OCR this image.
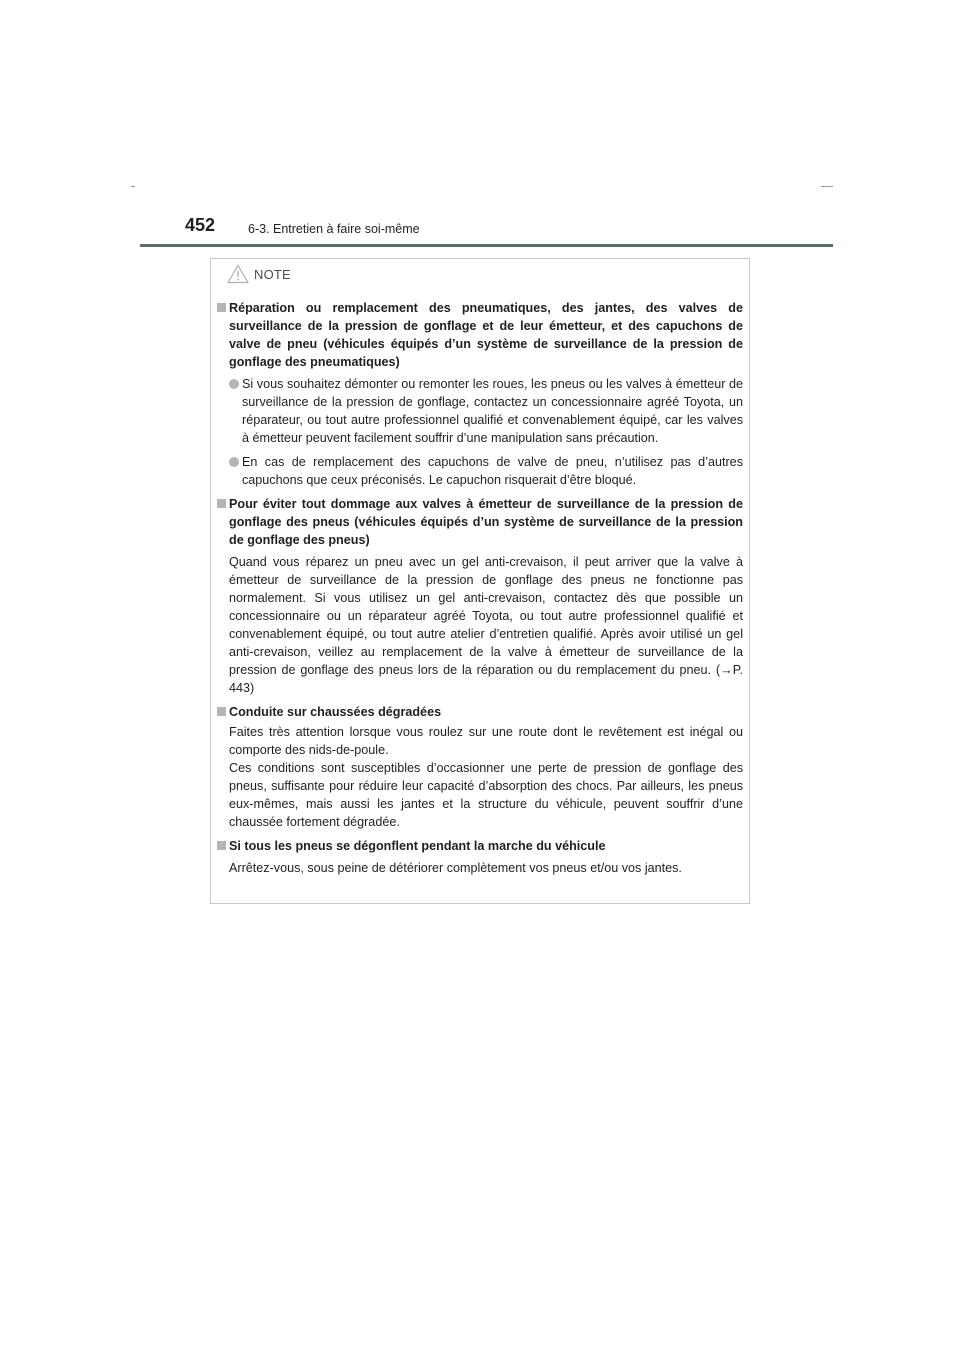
452	6-3. Entretien à faire soi-même
NOTE

Réparation ou remplacement des pneumatiques, des jantes, des valves de surveillance de la pression de gonflage et de leur émetteur, et des capuchons de valve de pneu (véhicules équipés d’un système de surveillance de la pression de gonflage des pneumatiques)

Si vous souhaitez démonter ou remonter les roues, les pneus ou les valves à émetteur de surveillance de la pression de gonflage, contactez un concessionnaire agréé Toyota, un réparateur, ou tout autre professionnel qualifié et convenablement équipé, car les valves à émetteur peuvent facilement souffrir d’une manipulation sans précaution.

En cas de remplacement des capuchons de valve de pneu, n’utilisez pas d’autres capuchons que ceux préconisés. Le capuchon risquerait d’être bloqué.

Pour éviter tout dommage aux valves à émetteur de surveillance de la pression de gonflage des pneus (véhicules équipés d’un système de surveillance de la pression de gonflage des pneus)

Quand vous réparez un pneu avec un gel anti-crevaison, il peut arriver que la valve à émetteur de surveillance de la pression de gonflage des pneus ne fonctionne pas normalement. Si vous utilisez un gel anti-crevaison, contactez dès que possible un concessionnaire ou un réparateur agréé Toyota, ou tout autre professionnel qualifié et convenablement équipé, ou tout autre atelier d’entretien qualifié. Après avoir utilisé un gel anti-crevaison, veillez au remplacement de la valve à émetteur de surveillance de la pression de gonflage des pneus lors de la réparation ou du remplacement du pneu. (→P. 443)

Conduite sur chaussées dégradées

Faites très attention lorsque vous roulez sur une route dont le revêtement est inégal ou comporte des nids-de-poule.

Ces conditions sont susceptibles d’occasionner une perte de pression de gonflage des pneus, suffisante pour réduire leur capacité d’absorption des chocs. Par ailleurs, les pneus eux-mêmes, mais aussi les jantes et la structure du véhicule, peuvent souffrir d’une chaussée fortement dégradée.

Si tous les pneus se dégonflent pendant la marche du véhicule

Arrêtez-vous, sous peine de détériorer complètement vos pneus et/ou vos jantes.
